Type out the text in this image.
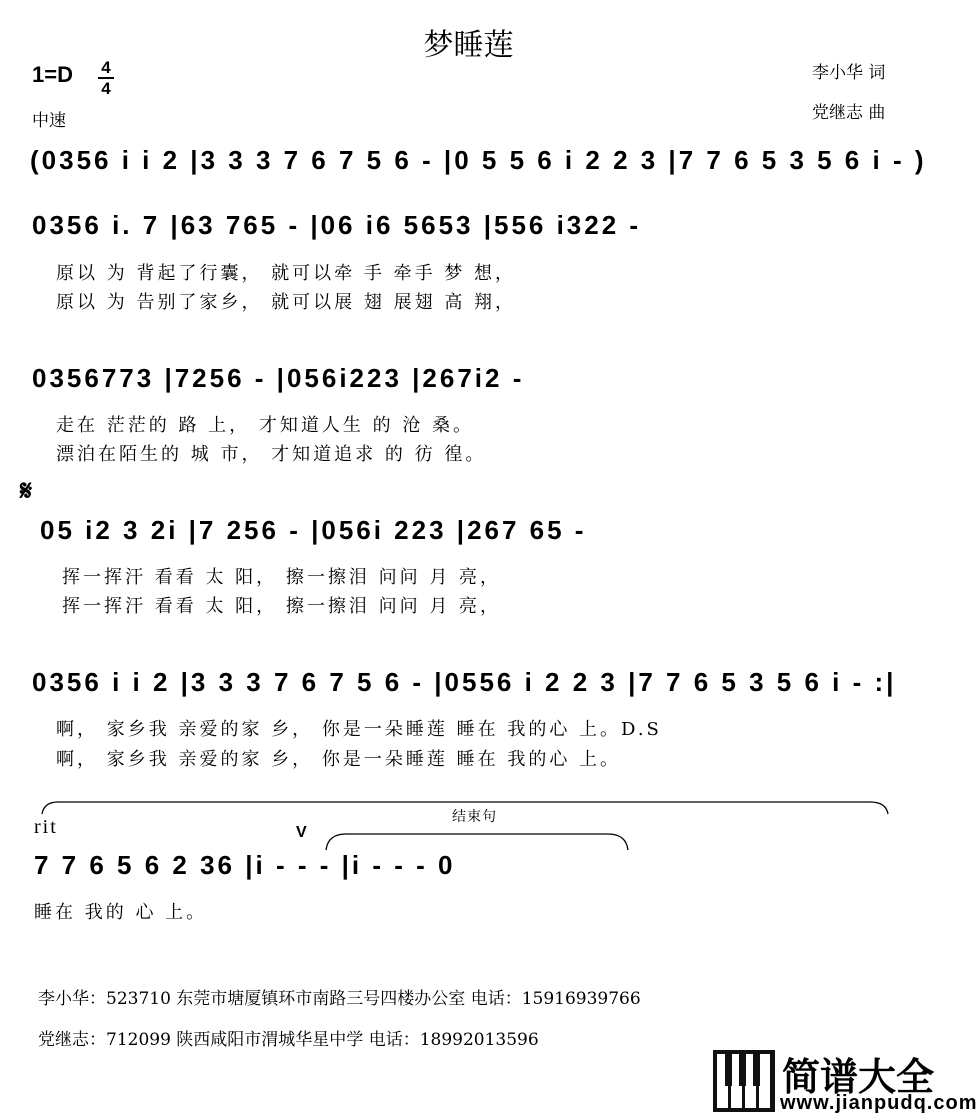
梦睡莲
1=D 4
4
中速
李小华 词
党继志 曲
(0356 i i 2 |3 3 3 7 6 7 5 6 - |0 5 5 6 i 2 2 3 |7 7 6 5 3 5 6 i - )
0356 i. 7 |63 765 - |06 i6 5653 |556 i322 -
原以 为 背起了行囊， 就可以牵 手 牵手 梦 想，
原以 为 告别了家乡， 就可以展 翅 展翅 高 翔，
0356773 |7256 - |056i223 |267i2 -
走在 茫茫的 路 上， 才知道人生 的 沧 桑。
漂泊在陌生的 城 市， 才知道追求 的 彷 徨。
𝄋
05 i2 3 2i |7 256 - |056i 223 |267 65 -
挥一挥汗 看看 太 阳， 擦一擦泪 问问 月 亮，
挥一挥汗 看看 太 阳， 擦一擦泪 问问 月 亮，
0356 i i 2 |3 3 3 7 6 7 5 6 - |0556 i 2 2 3 |7 7 6 5 3 5 6 i - :|
啊， 家乡我 亲爱的家 乡， 你是一朵睡莲 睡在 我的心 上。D.S
啊， 家乡我 亲爱的家 乡， 你是一朵睡莲 睡在 我的心 上。
结束句
rit	V
7 7 6 5 6 2 36 |i - - - |i - - - 0
睡在 我的 心 上。
李小华：523710 东莞市塘厦镇环市南路三号四楼办公室 电话：15916939766
党继志：712099 陕西咸阳市渭城华星中学 电话：18992013596
简谱大全
www.jianpudq.com
